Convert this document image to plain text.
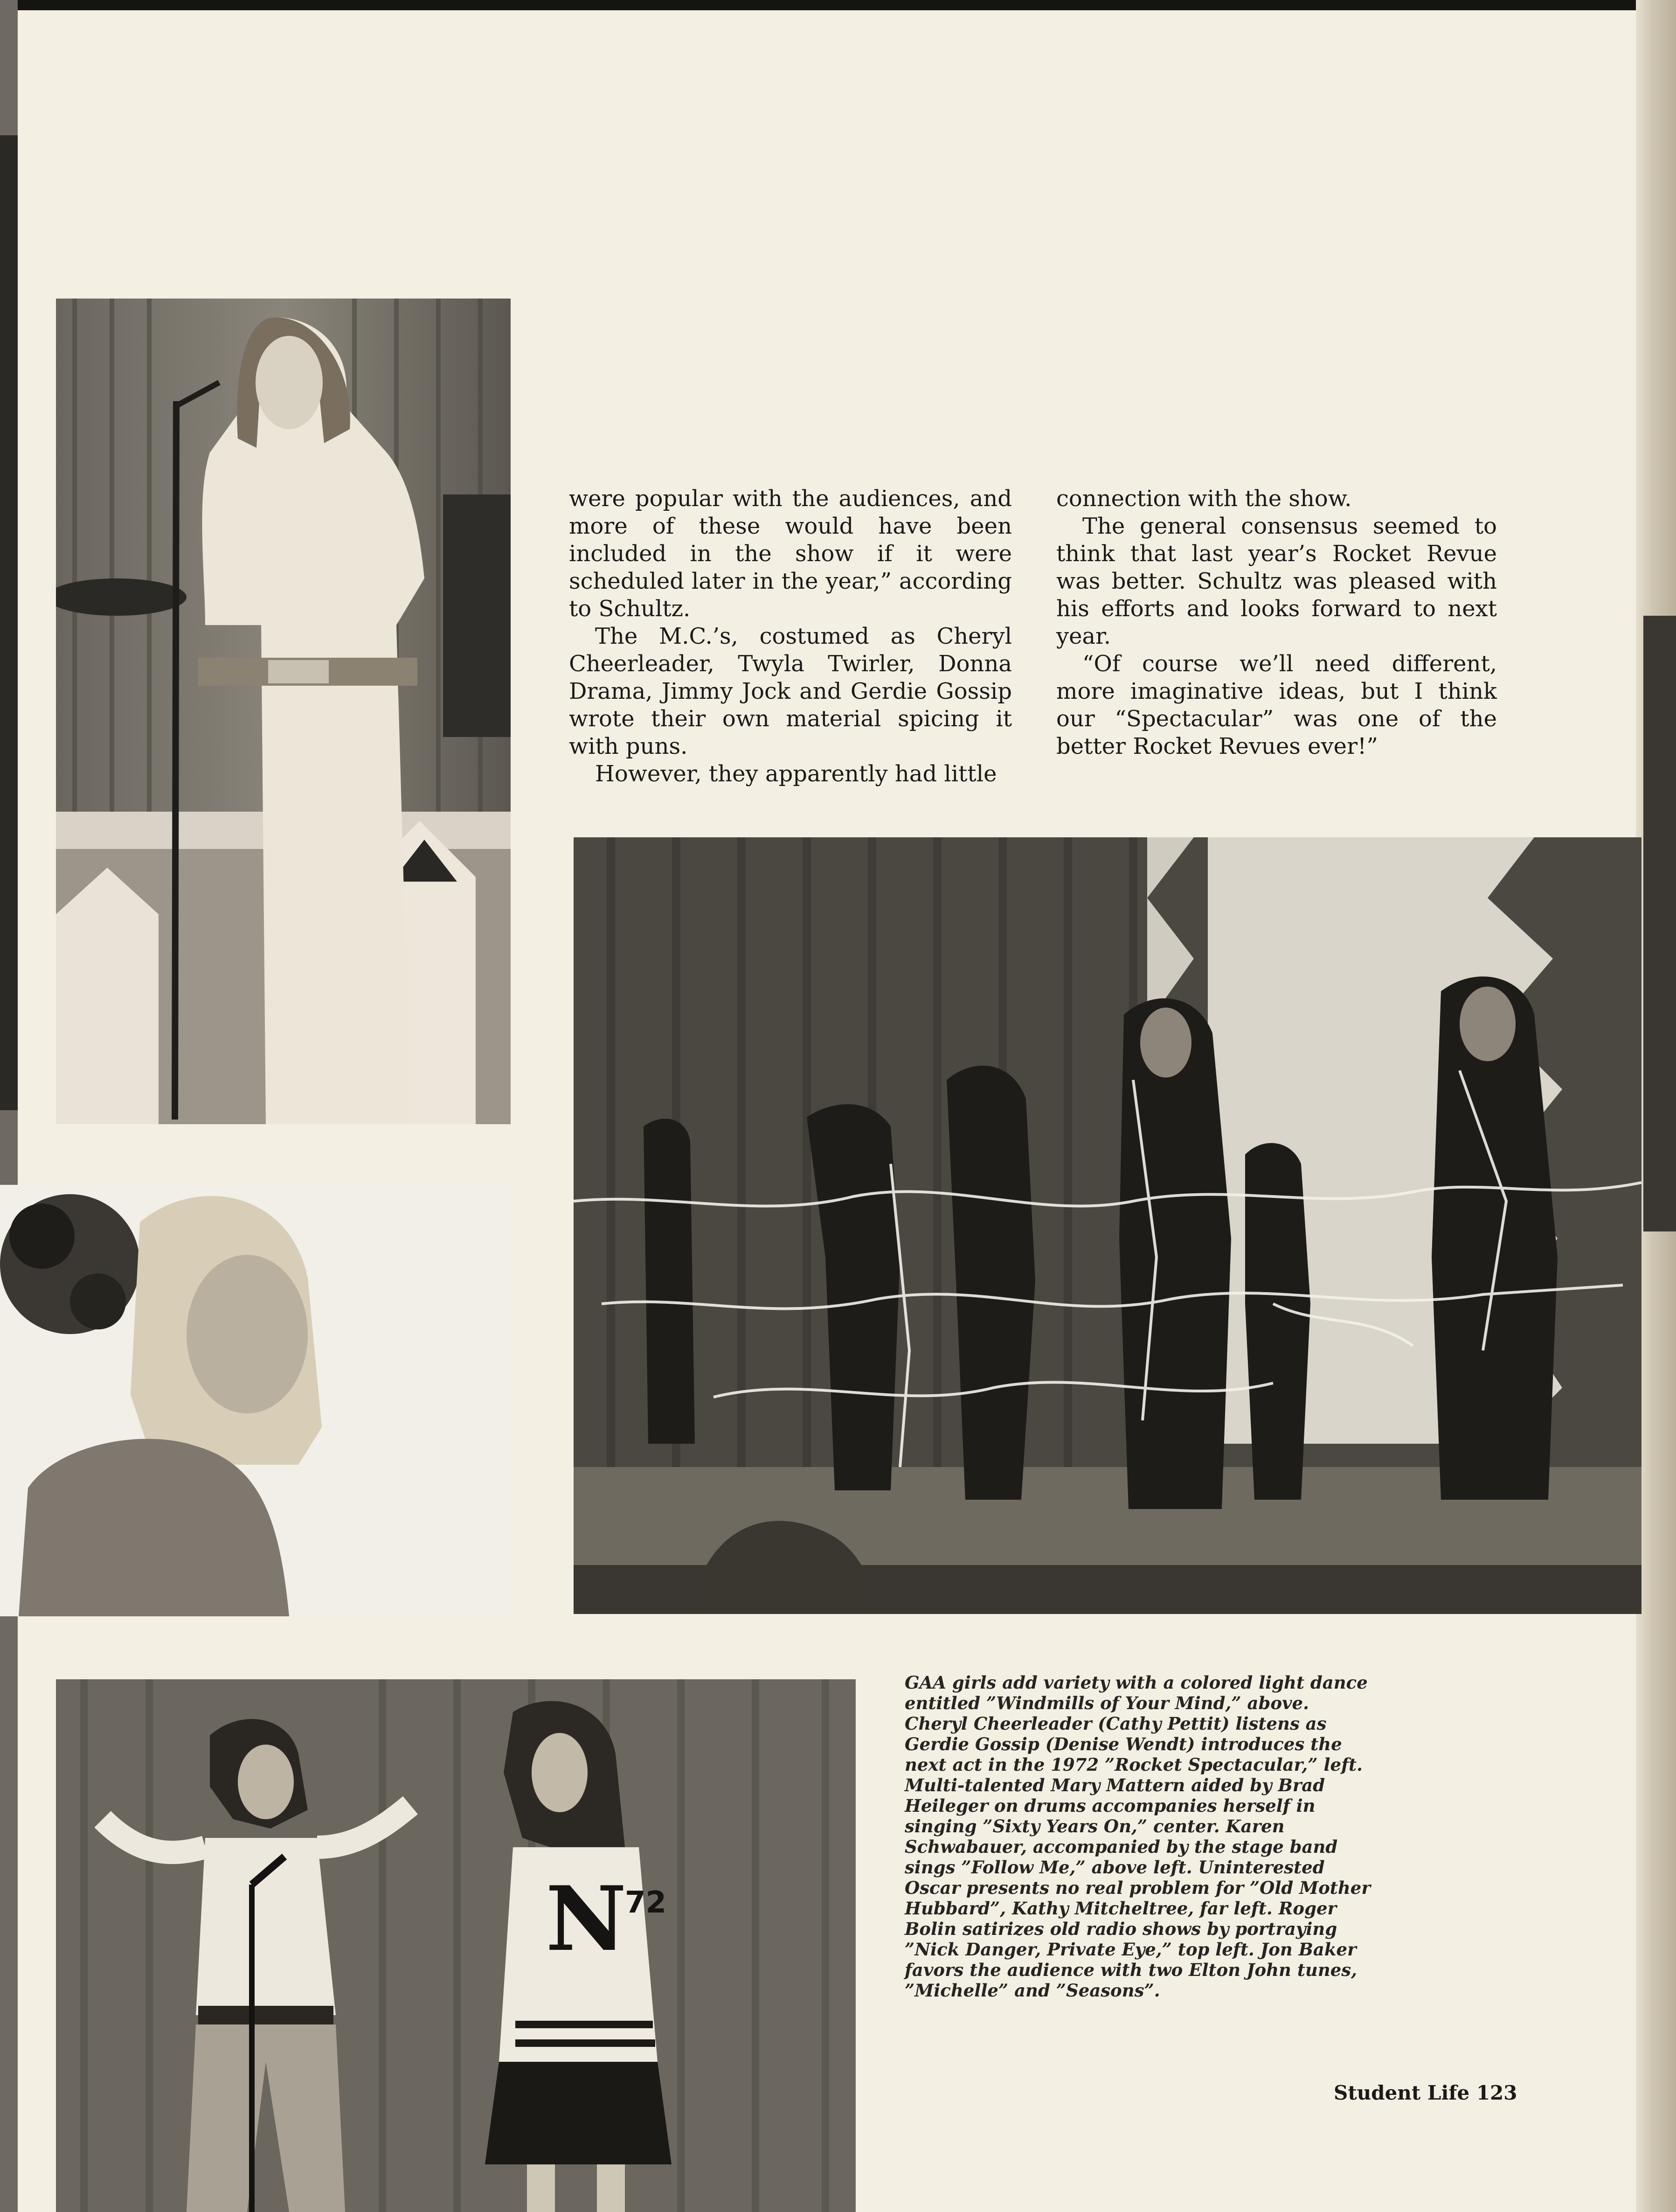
N
72

were popular with the audiences, and more of these would have been included in the show if it were scheduled later in the year,” according to Schultz.

The M.C.’s, costumed as Cheryl Cheerleader, Twyla Twirler, Donna Drama, Jimmy Jock and Gerdie Gossip wrote their own material spicing it with puns.

However, they apparently had little

connection with the show.

The general consensus seemed to think that last year’s Rocket Revue was better. Schultz was pleased with his efforts and looks forward to next year.

“Of course we’ll need different, more imaginative ideas, but I think our “Spectacular” was one of the better Rocket Revues ever!”

GAA girls add variety with a colored light dance entitled ”Windmills of Your Mind,” above. Cheryl Cheerleader (Cathy Pettit) listens as Gerdie Gossip (Denise Wendt) introduces the next act in the 1972 ”Rocket Spectacular,” left. Multi-talented Mary Mattern aided by Brad Heileger on drums accompanies herself in singing ”Sixty Years On,” center. Karen Schwabauer, accompanied by the stage band sings ”Follow Me,” above left. Uninterested Oscar presents no real problem for ”Old Mother Hubbard”, Kathy Mitcheltree, far left. Roger Bolin satirizes old radio shows by portraying ”Nick Danger, Private Eye,” top left. Jon Baker favors the audience with two Elton John tunes, ”Michelle” and ”Seasons”.
Student Life 123
